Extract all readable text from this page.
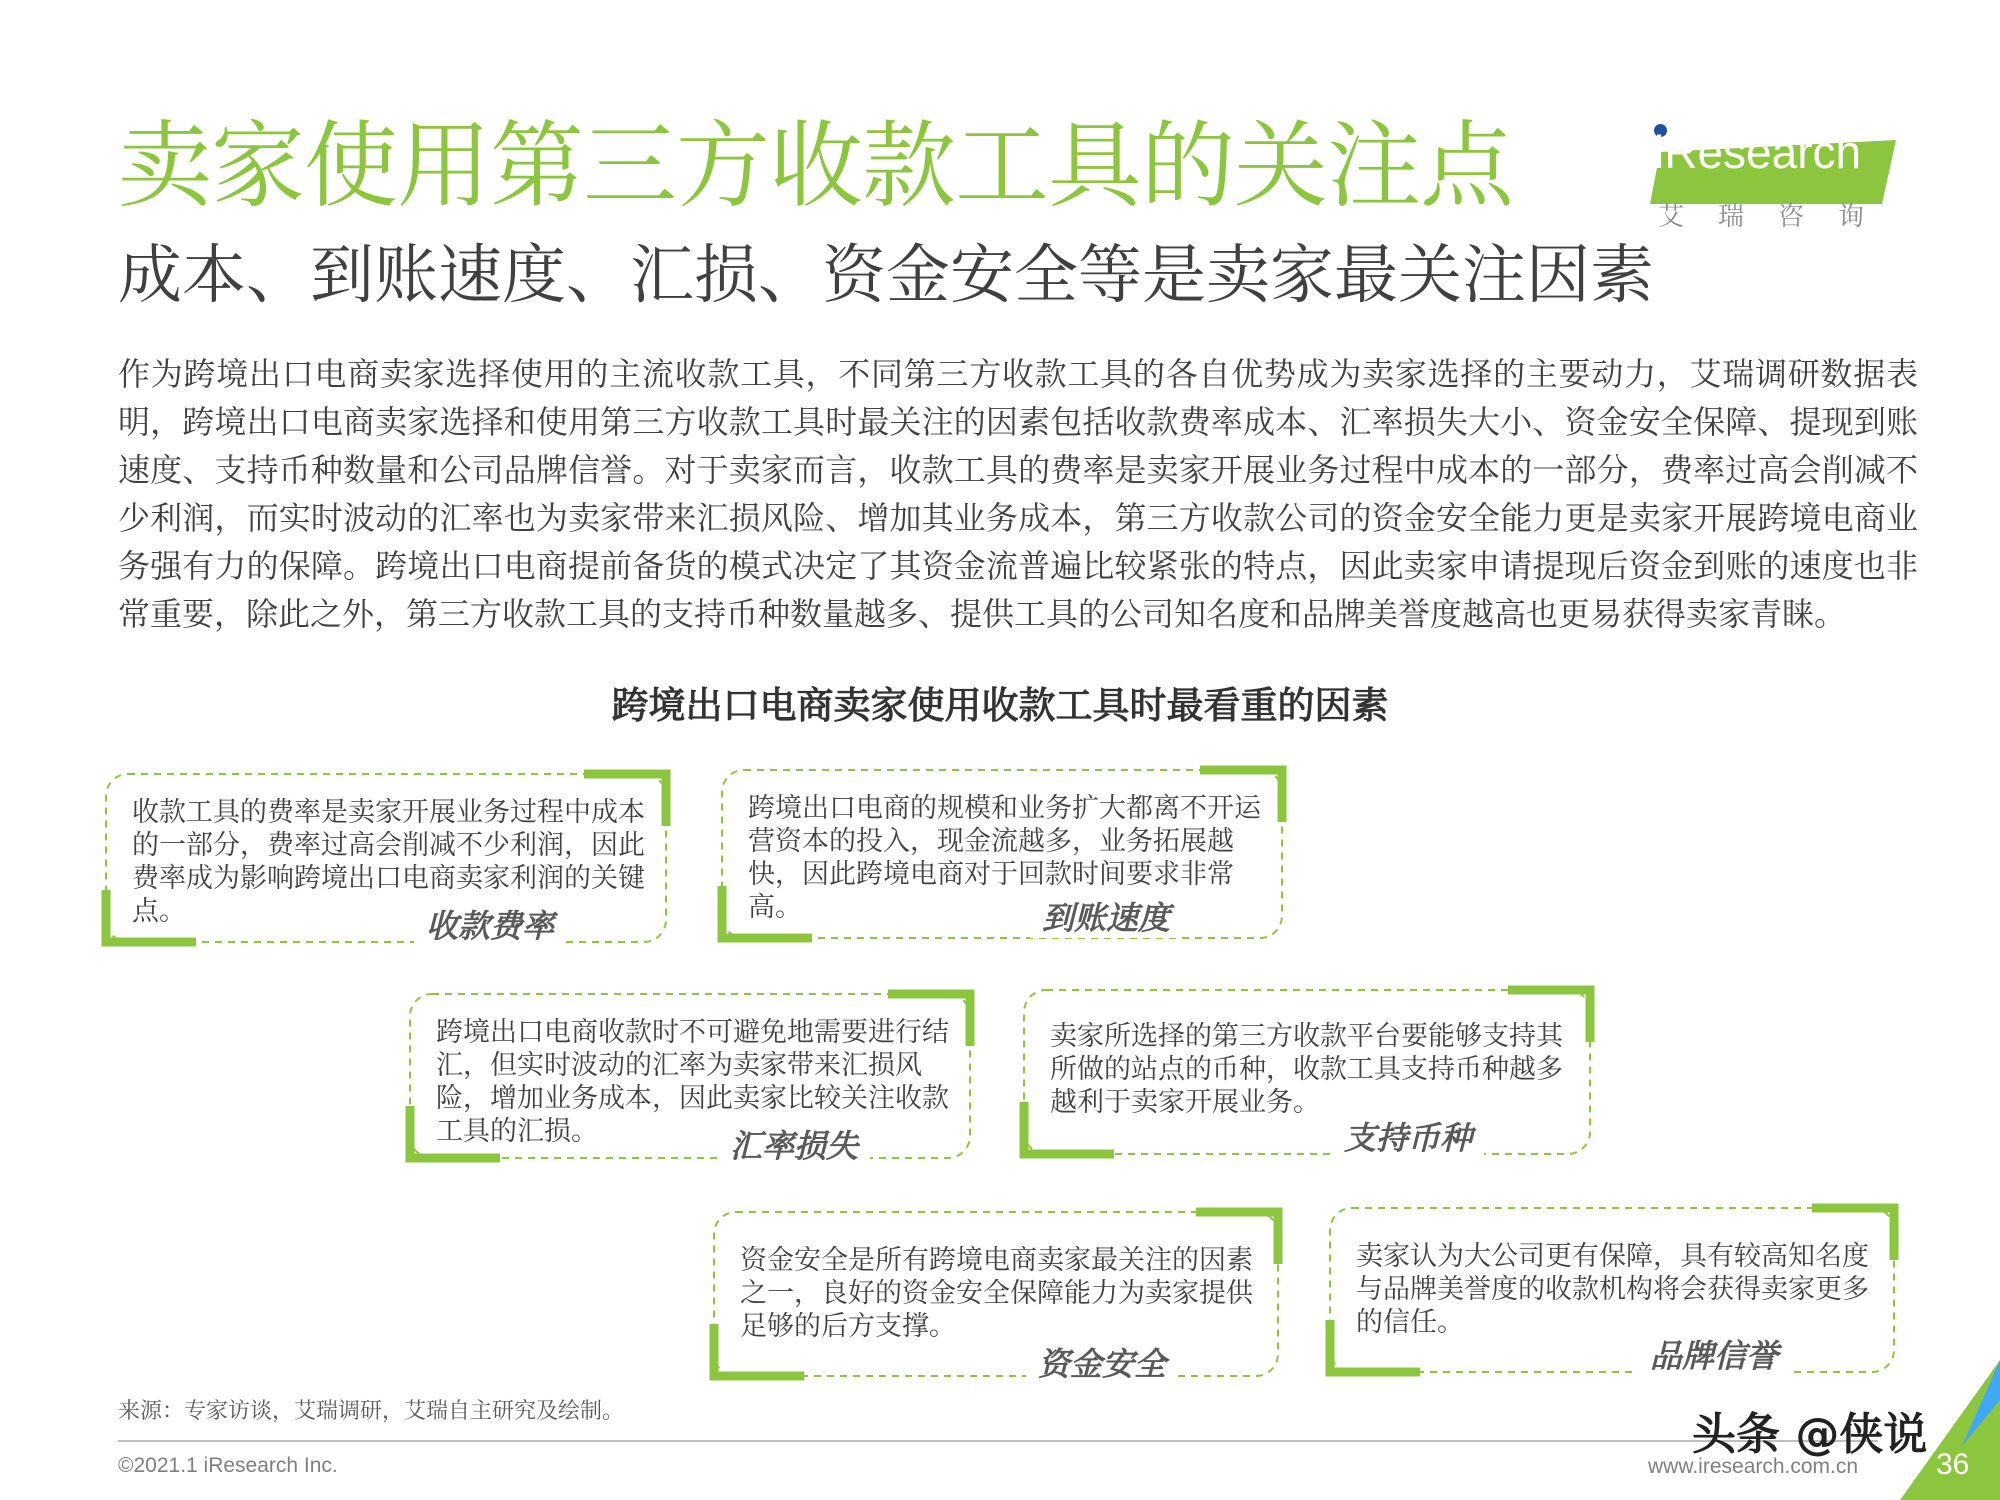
卖家使用第三方收款工具的关注点
成本、到账速度、汇损、资金安全等是卖家最关注因素
iResearch
艾瑞咨询
作为跨境出口电商卖家选择使用的主流收款工具，不同第三方收款工具的各自优势成为卖家选择的主要动力，艾瑞调研数据表明，跨境出口电商卖家选择和使用第三方收款工具时最关注的因素包括收款费率成本、汇率损失大小、资金安全保障、提现到账速度、支持币种数量和公司品牌信誉。对于卖家而言，收款工具的费率是卖家开展业务过程中成本的一部分，费率过高会削减不少利润，而实时波动的汇率也为卖家带来汇损风险、增加其业务成本，第三方收款公司的资金安全能力更是卖家开展跨境电商业务强有力的保障。跨境出口电商提前备货的模式决定了其资金流普遍比较紧张的特点，因此卖家申请提现后资金到账的速度也非常重要，除此之外，第三方收款工具的支持币种数量越多、提供工具的公司知名度和品牌美誉度越高也更易获得卖家青睐。
跨境出口电商卖家使用收款工具时最看重的因素
收款工具的费率是卖家开展业务过程中成本的一部分，费率过高会削减不少利润，因此费率成为影响跨境出口电商卖家利润的关键点。	收款费率
跨境出口电商的规模和业务扩大都离不开运营资本的投入，现金流越多，业务拓展越快，因此跨境电商对于回款时间要求非常高。	到账速度
跨境出口电商收款时不可避免地需要进行结汇，但实时波动的汇率为卖家带来汇损风险，增加业务成本，因此卖家比较关注收款工具的汇损。	汇率损失
卖家所选择的第三方收款平台要能够支持其所做的站点的币种，收款工具支持币种越多越利于卖家开展业务。
支持币种
资金安全是所有跨境电商卖家最关注的因素之一，良好的资金安全保障能力为卖家提供足够的后方支撑。
资金安全
卖家认为大公司更有保障，具有较高知名度与品牌美誉度的收款机构将会获得卖家更多的信任。
品牌信誉
来源：专家访谈，艾瑞调研，艾瑞自主研究及绘制。
©2021.1 iResearch Inc.	www.iresearch.com.cn
头条 @侠说
36
